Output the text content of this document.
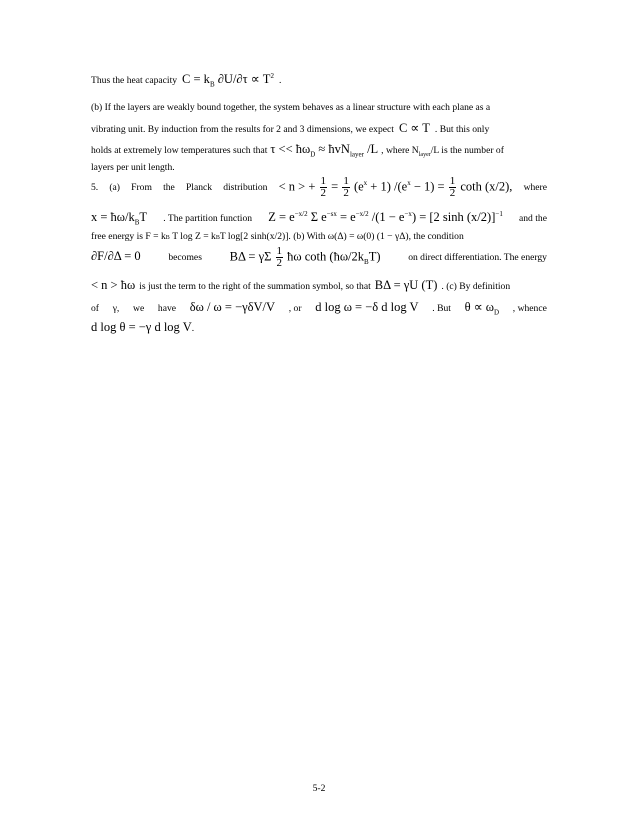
Thus the heat capacity $C = k_B$ $\partial U/\partial\tau \propto T^2$ .
(b) If the layers are weakly bound together, the system behaves as a linear structure with each plane as a
vibrating unit. By induction from the results for 2 and 3 dimensions, we expect C ∝ T . But this only
holds at extremely low temperatures such that $\tau << ħ\omega_D$ ≈ ħvN$_{layer}$ /L , where $N_{layer}/L$ is the number of
layers per unit length.
5. (a) From the Planck distribution < n > + $\frac{1}{2} = \frac{1}{2} (e^x + 1) /(e^x - 1) = \frac{1}{2}$ coth (x/2), where
$x = ħ\omega/k_BT$ . The partition function $Z = e^{-x/2}$ Σ $e^{-sx} = e^{-x/2}$ $/(1 - e^{-x}) = [2$ sinh (x/2)]$^{-1}$ and the
free energy is F = k B
T log Z = k B T log[2 sinh(x/2)]. (b) With ω(Δ) = ω(0) (1 − γΔ), the condition
∂F/∂Δ = 0	becomes BΔ = γΣ $\frac{1}{2}$ ħω coth $(ħ\omega/2k_BT)$	on direct differentiation. The energy
< n > ħω is just the term to the right of the summation symbol, so that BΔ = γU (T) . (c) By definition
of γ, we have δω / ω = −γδV/V , or d log ω = −δ d log V . But $\theta \propto \omega_D$ , whence
d log θ = −γ d log V .
5-2
